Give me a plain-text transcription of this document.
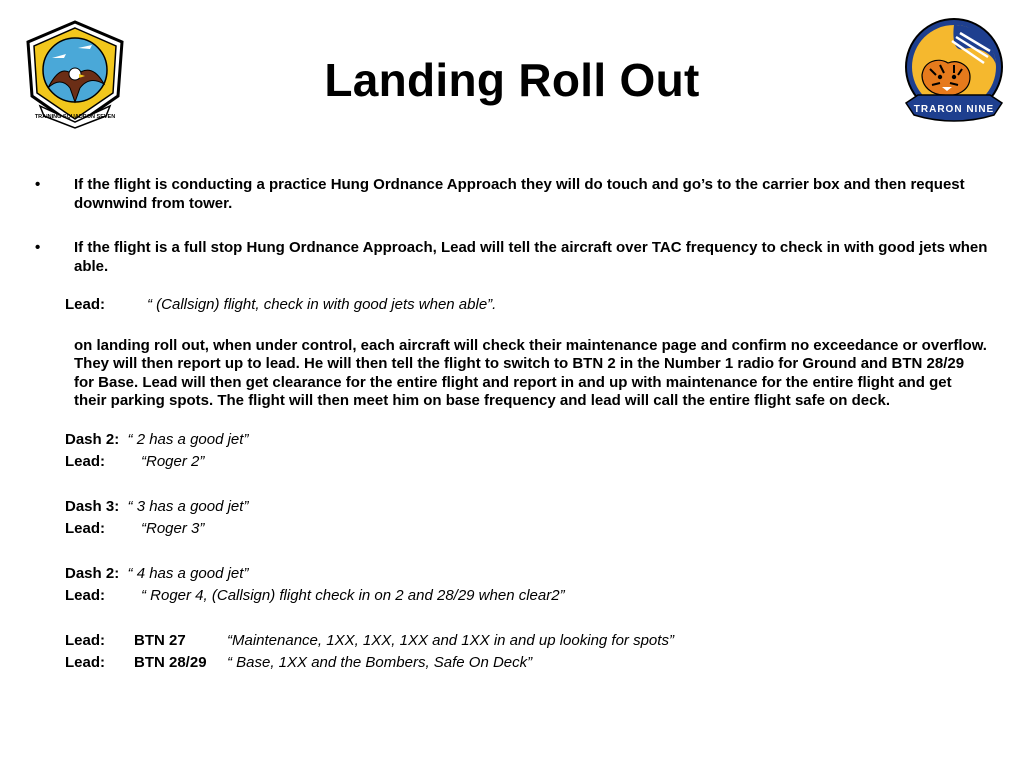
TRAINING SQUADRON SEVEN
Landing Roll Out
TRARON NINE
• If the flight is conducting a practice Hung Ordnance Approach they will do touch and go’s to the carrier box and then request downwind from tower.
• If the flight is a full stop Hung Ordnance Approach, Lead will tell the aircraft over TAC frequency to check in with good jets when able.
Lead:	“ (Callsign) flight, check in with good jets when able”.
on landing roll out, when under control, each aircraft will check their maintenance page and confirm no exceedance or overflow. They will then report up to lead. He will then tell the flight to switch to BTN 2 in the Number 1 radio for Ground and BTN 28/29 for Base. Lead will then get clearance for the entire flight and report in and up with maintenance for the entire flight and get their parking spots. The flight will then meet him on base frequency and lead will call the entire flight safe on deck.
Dash 2: “ 2 has a good jet”
Lead: “Roger 2”
Dash 3: “ 3 has a good jet”
Lead: “Roger 3”
Dash 2: “ 4 has a good jet”
Lead: “ Roger 4, (Callsign) flight check in on 2 and 28/29 when clear2”
Lead: BTN 27	“Maintenance, 1XX, 1XX, 1XX and 1XX in and up looking for spots”
Lead: BTN 28/29 “ Base, 1XX and the Bombers, Safe On Deck”
